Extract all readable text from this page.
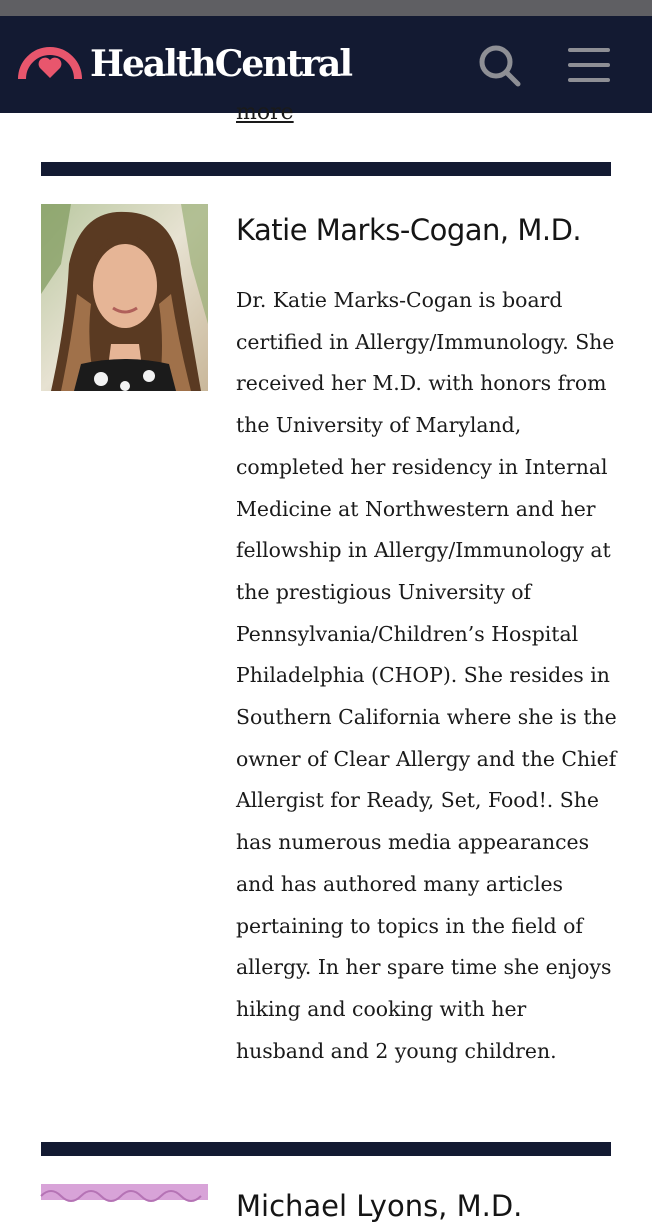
HealthCentral
more
Katie Marks-Cogan, M.D.

Dr. Katie Marks-Cogan is board certified in Allergy/Immunology. She received her M.D. with honors from the University of Maryland, completed her residency in Internal Medicine at Northwestern and her fellowship in Allergy/Immunology at the prestigious University of Pennsylvania/Children’s Hospital Philadelphia (CHOP). She resides in Southern California where she is the owner of Clear Allergy and the Chief Allergist for Ready, Set, Food!. She has numerous media appearances and has authored many articles pertaining to topics in the field of allergy. In her spare time she enjoys hiking and cooking with her husband and 2 young children.

Michael Lyons, M.D.
